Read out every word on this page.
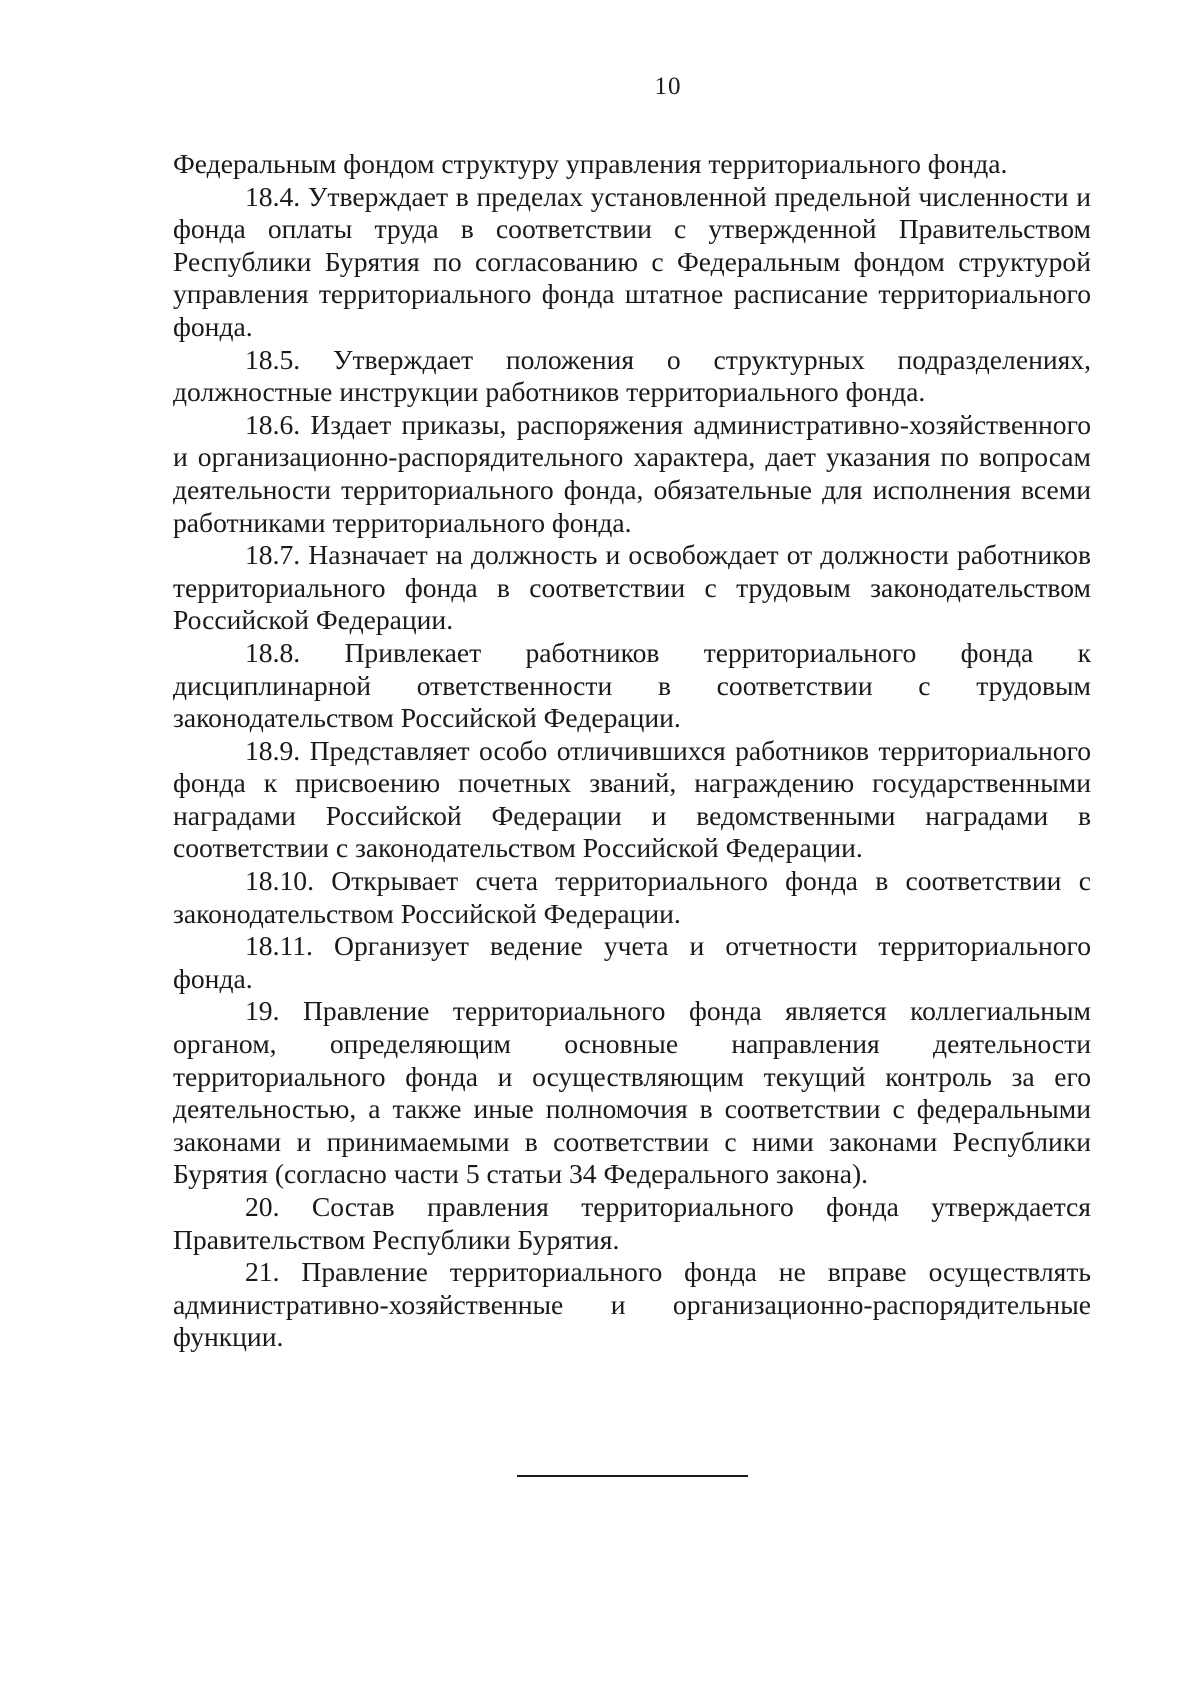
10

Федеральным фондом структуру управления территориального фонда.

18.4. Утверждает в пределах установленной предельной численности и фонда оплаты труда в соответствии с утвержденной Правительством Республики Бурятия по согласованию с Федеральным фондом структурой управления территориального фонда штатное расписание территориального фонда.

18.5. Утверждает положения о структурных подразделениях, должностные инструкции работников территориального фонда.

18.6. Издает приказы, распоряжения административно-хозяйственного и организационно-распорядительного характера, дает указания по вопросам деятельности территориального фонда, обязательные для исполнения всеми работниками территориального фонда.

18.7. Назначает на должность и освобождает от должности работников территориального фонда в соответствии с трудовым законодательством Российской Федерации.

18.8. Привлекает работников территориального фонда к дисциплинарной ответственности в соответствии с трудовым законодательством Российской Федерации.

18.9. Представляет особо отличившихся работников территориального фонда к присвоению почетных званий, награждению государственными наградами Российской Федерации и ведомственными наградами в соответствии с законодательством Российской Федерации.

18.10. Открывает счета территориального фонда в соответствии с законодательством Российской Федерации.

18.11. Организует ведение учета и отчетности территориального фонда.

19. Правление территориального фонда является коллегиальным органом, определяющим основные направления деятельности территориального фонда и осуществляющим текущий контроль за его деятельностью, а также иные полномочия в соответствии с федеральными законами и принимаемыми в соответствии с ними законами Республики Бурятия (согласно части 5 статьи 34 Федерального закона).

20. Состав правления территориального фонда утверждается Правительством Республики Бурятия.

21. Правление территориального фонда не вправе осуществлять административно-хозяйственные и организационно-распорядительные функции.
